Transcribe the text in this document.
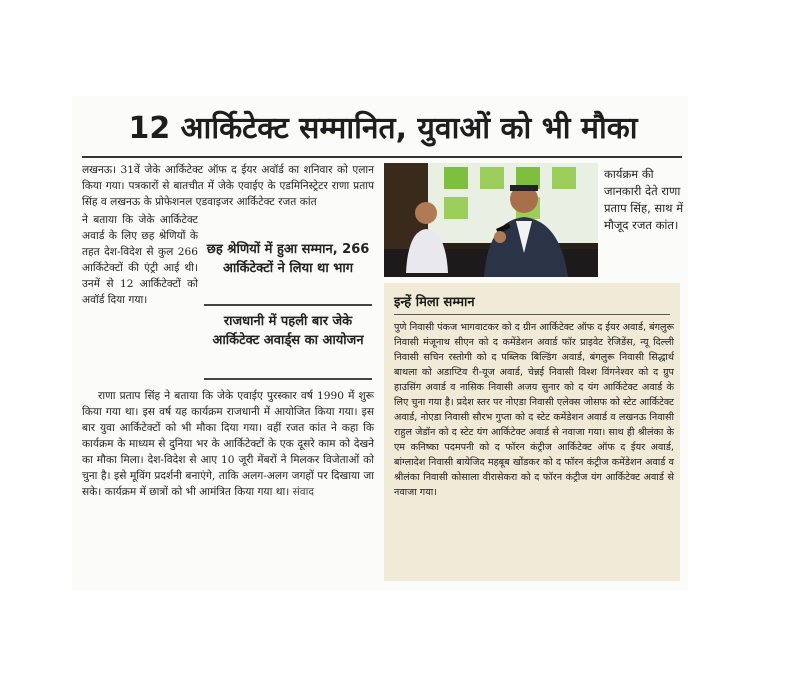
12 आर्किटेक्ट सम्मानित, युवाओं को भी मौका

लखनऊ। 31वें जेके आर्किटेक्ट ऑफ द ईयर अवॉर्ड का शनिवार को एलान किया गया। पत्रकारों से बातचीत में जेके एवाईए के एडमिनिस्ट्रेटर राणा प्रताप सिंह व लखनऊ के प्रोफेशनल एडवाइजर आर्किटेक्ट रजत कांत

ने बताया कि जेके आर्किटेक्ट अवार्ड के लिए छह श्रेणियों के तहत देश-विदेश से कुल 266 आर्किटेक्टों की एंट्री आई थी। उनमें से 12 आर्किटेक्टों को अवॉर्ड दिया गया।

छह श्रेणियों में हुआ सम्मान, 266 आर्किटेक्टों ने लिया था भाग
राजधानी में पहली बार जेके आर्किटेक्ट अवार्ड्स का आयोजन

राणा प्रताप सिंह ने बताया कि जेके एवाईए पुरस्कार वर्ष 1990 में शुरू किया गया था। इस वर्ष यह कार्यक्रम राजधानी में आयोजित किया गया। इस बार युवा आर्किटेक्टों को भी मौका दिया गया। वहीं रजत कांत ने कहा कि कार्यक्रम के माध्यम से दुनिया भर के आर्किटेक्टों के एक दूसरे काम को देखने का मौका मिला। देश-विदेश से आए 10 जूरी मेंबरों ने मिलकर विजेताओं को चुना है। इसे मूविंग प्रदर्शनी बनाएंगे, ताकि अलग-अलग जगहों पर दिखाया जा सके। कार्यक्रम में छात्रों को भी आमंत्रित किया गया था। संवाद

कार्यक्रम की जानकारी देते राणा प्रताप सिंह, साथ में मौजूद रजत कांत।
इन्हें मिला सम्मान

पुणे निवासी पंकज भागवाटकर को द ग्रीन आर्किटेक्ट ऑफ द ईयर अवार्ड, बंगलुरू निवासी मंजूनाथ सीएन को द कमेंडेशन अवार्ड फॉर प्राइवेट रेजिडेंस, न्यू दिल्ली निवासी सचिन रस्तोगी को द पब्लिक बिल्डिंग अवार्ड, बंगलुरू निवासी सिद्धार्थ बाथला को अडाप्टिव री-यूज अवार्ड, चेन्नई निवासी विश्श विंगनेश्वर को द ग्रुप हाउसिंग अवार्ड व नासिक निवासी अजय सुनार को द यंग आर्किटेक्ट अवार्ड के लिए चुना गया है। प्रदेश स्तर पर नोएडा निवासी एलेक्स जोसफ को स्टेट आर्किटेक्ट अवार्ड, नोएडा निवासी सौरभ गुप्ता को द स्टेट कमेंडेशन अवार्ड व लखनऊ निवासी राहुल जेडॉन को द स्टेट यंग आर्किटेक्ट अवार्ड से नवाजा गया। साथ ही श्रीलंका के एम कनिष्का पदमपनी को द फॉरन कंट्रीज आर्किटेक्ट ऑफ द ईयर अवार्ड, बांग्लादेश निवासी बायेजिद महबूब खोंडकर को द फॉरन कंट्रीज कमेंडेशन अवार्ड व श्रीलंका निवासी कोसाला वीरासेकरा को द फॉरन कंट्रीज यंग आर्किटेक्ट अवार्ड से नवाजा गया।
